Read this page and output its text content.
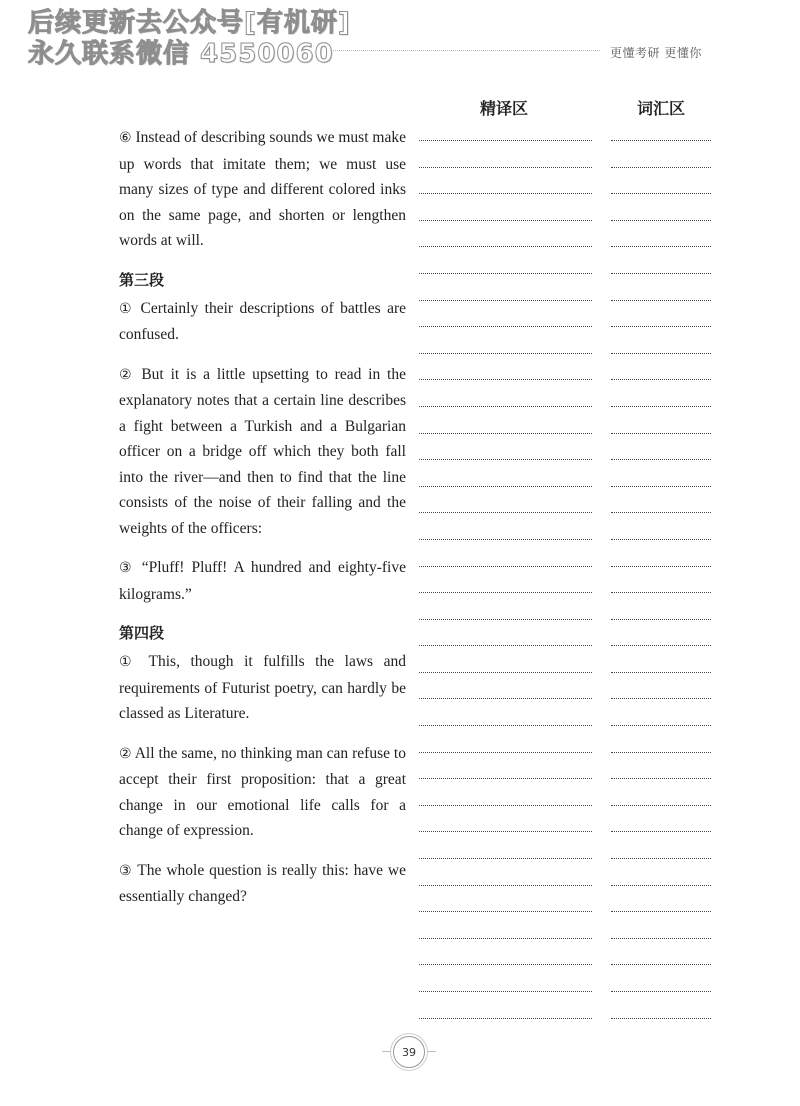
后续更新去公众号[有机研]
永久联系微信 4550060	更懂考研 更懂你
精译区	词汇区

⑥ Instead of describing sounds we must make up words that imitate them; we must use many sizes of type and different colored inks on the same page, and shorten or lengthen words at will.

第三段

① Certainly their descriptions of battles are confused.

② But it is a little upsetting to read in the explanatory notes that a certain line describes a fight between a Turkish and a Bulgarian officer on a bridge off which they both fall into the river—and then to find that the line consists of the noise of their falling and the weights of the officers:

③ “Pluff! Pluff! A hundred and eighty-five kilograms.”

第四段

① This, though it fulfills the laws and requirements of Futurist poetry, can hardly be classed as Literature.

② All the same, no thinking man can refuse to accept their first proposition: that a great change in our emotional life calls for a change of expression.

③ The whole question is really this: have we essentially changed?

39
